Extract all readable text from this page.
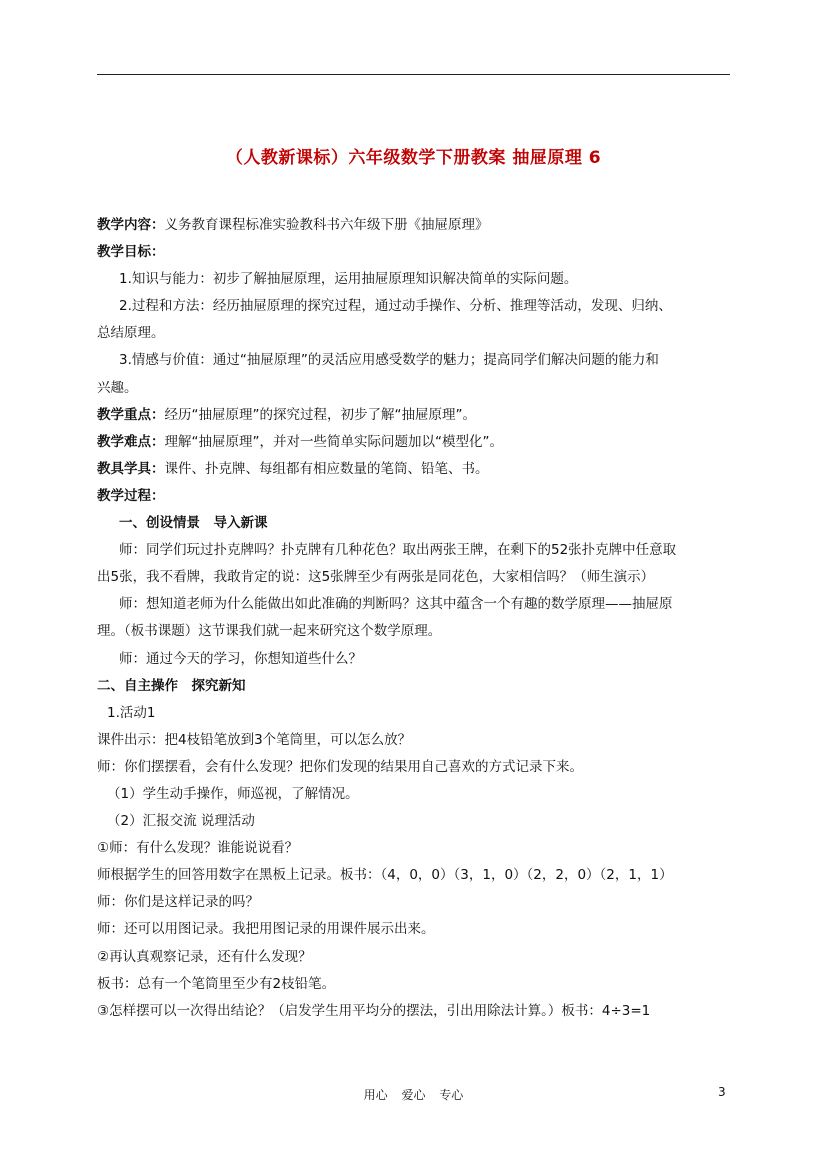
（人教新课标）六年级数学下册教案 抽屉原理 6
教学内容：义务教育课程标准实验教科书六年级下册《抽屉原理》
教学目标：
1.知识与能力：初步了解抽屉原理，运用抽屉原理知识解决简单的实际问题。
2.过程和方法：经历抽屉原理的探究过程，通过动手操作、分析、推理等活动，发现、归纳、
总结原理。
3.情感与价值：通过“抽屉原理”的灵活应用感受数学的魅力；提高同学们解决问题的能力和
兴趣。
教学重点：经历“抽屉原理”的探究过程，初步了解“抽屉原理”。
教学难点：理解“抽屉原理”，并对一些简单实际问题加以“模型化”。
教具学具：课件、扑克牌、每组都有相应数量的笔筒、铅笔、书。
教学过程：
一、创设情景　导入新课
师：同学们玩过扑克牌吗？扑克牌有几种花色？取出两张王牌，在剩下的52张扑克牌中任意取
出5张，我不看牌，我敢肯定的说：这5张牌至少有两张是同花色，大家相信吗？（师生演示）
师：想知道老师为什么能做出如此准确的判断吗？这其中蕴含一个有趣的数学原理——抽屉原
理。（板书课题）这节课我们就一起来研究这个数学原理。
师：通过今天的学习，你想知道些什么？
二、自主操作　探究新知
1.活动1
课件出示：把4枝铅笔放到3个笔筒里，可以怎么放？
师：你们摆摆看，会有什么发现？把你们发现的结果用自己喜欢的方式记录下来。
（1）学生动手操作，师巡视，了解情况。
（2）汇报交流 说理活动
①师：有什么发现？谁能说说看？
师根据学生的回答用数字在黑板上记录。板书：（4，0，0）（3，1，0）（2，2，0）（2，1，1）
师：你们是这样记录的吗？
师：还可以用图记录。我把用图记录的用课件展示出来。
②再认真观察记录，还有什么发现？
板书：总有一个笔筒里至少有2枝铅笔。
③怎样摆可以一次得出结论？（启发学生用平均分的摆法，引出用除法计算。）板书：4÷3=1
用心 爱心 专心	3
